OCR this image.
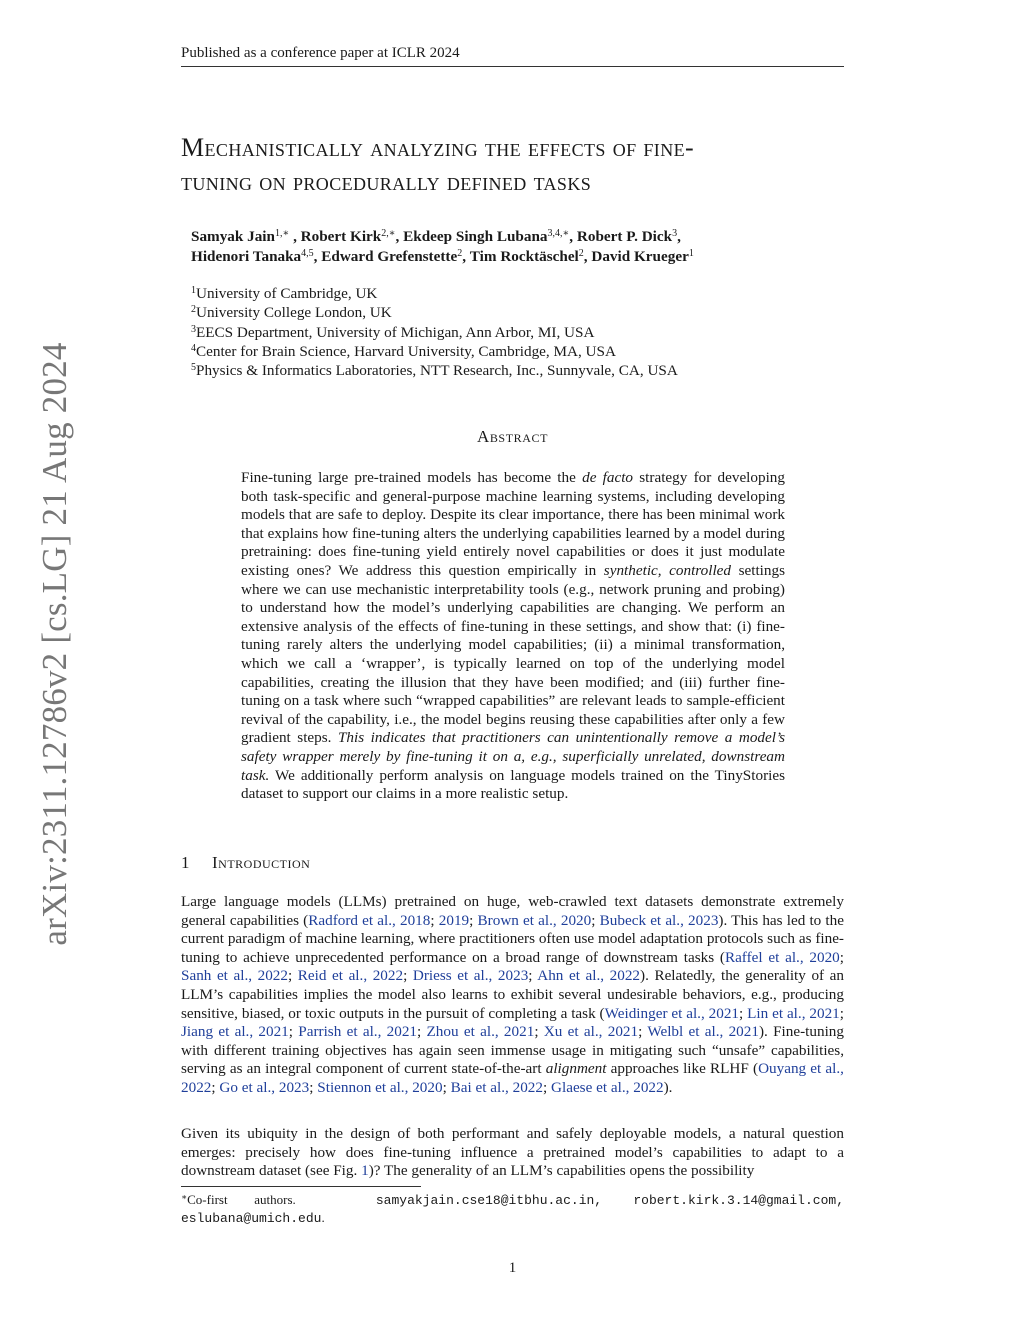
Published as a conference paper at ICLR 2024
arXiv:2311.12786v2 [cs.LG] 21 Aug 2024
Mechanistically analyzing the effects of fine-
tuning on procedurally defined tasks
Samyak Jain$^{1,∗}$ , Robert Kirk$^{2,∗}$, Ekdeep Singh Lubana$^{3,4,∗}$, Robert P. Dick$^3$,
Hidenori Tanaka$^{4,5}$, Edward Grefenstette$^2$, Tim Rocktäschel$^2$, David Krueger$^1$
$^1$University of Cambridge, UK
$^2$University College London, UK
$^3$EECS Department, University of Michigan, Ann Arbor, MI, USA
$^4$Center for Brain Science, Harvard University, Cambridge, MA, USA
$^5$Physics & Informatics Laboratories, NTT Research, Inc., Sunnyvale, CA, USA
Abstract

Fine-tuning large pre-trained models has become the de facto strategy for developing both task-specific and general-purpose machine learning systems, including developing models that are safe to deploy. Despite its clear importance, there has been minimal work that explains how fine-tuning alters the underlying capabilities learned by a model during pretraining: does fine-tuning yield entirely novel capabilities or does it just modulate existing ones? We address this question empirically in synthetic, controlled settings where we can use mechanistic interpretability tools (e.g., network pruning and probing) to understand how the model’s underlying capabilities are changing. We perform an extensive analysis of the effects of fine-tuning in these settings, and show that: (i) fine-tuning rarely alters the underlying model capabilities; (ii) a minimal transformation, which we call a ‘wrapper’, is typically learned on top of the underlying model capabilities, creating the illusion that they have been modified; and (iii) further fine-tuning on a task where such “wrapped capabilities” are relevant leads to sample-efficient revival of the capability, i.e., the model begins reusing these capabilities after only a few gradient steps. This indicates that practitioners can unintentionally remove a model’s safety wrapper merely by fine-tuning it on a, e.g., superficially unrelated, downstream task. We additionally perform analysis on language models trained on the TinyStories dataset to support our claims in a more realistic setup.

1 Introduction

Large language models (LLMs) pretrained on huge, web-crawled text datasets demonstrate extremely general capabilities (Radford et al., 2018; 2019; Brown et al., 2020; Bubeck et al., 2023). This has led to the current paradigm of machine learning, where practitioners often use model adaptation protocols such as fine-tuning to achieve unprecedented performance on a broad range of downstream tasks (Raffel et al., 2020; Sanh et al., 2022; Reid et al., 2022; Driess et al., 2023; Ahn et al., 2022). Relatedly, the generality of an LLM’s capabilities implies the model also learns to exhibit several undesirable behaviors, e.g., producing sensitive, biased, or toxic outputs in the pursuit of completing a task (Weidinger et al., 2021; Lin et al., 2021; Jiang et al., 2021; Parrish et al., 2021; Zhou et al., 2021; Xu et al., 2021; Welbl et al., 2021). Fine-tuning with different training objectives has again seen immense usage in mitigating such “unsafe” capabilities, serving as an integral component of current state-of-the-art alignment approaches like RLHF (Ouyang et al., 2022; Go et al., 2023; Stiennon et al., 2020; Bai et al., 2022; Glaese et al., 2022).

Given its ubiquity in the design of both performant and safely deployable models, a natural question emerges: precisely how does fine-tuning influence a pretrained model’s capabilities to adapt to a downstream dataset (see Fig. 1)? The generality of an LLM’s capabilities opens the possibility

∗Co-first authors.	samyakjain.cse18@itbhu.ac.in, robert.kirk.3.14@gmail.com, eslubana@umich.edu.
1
